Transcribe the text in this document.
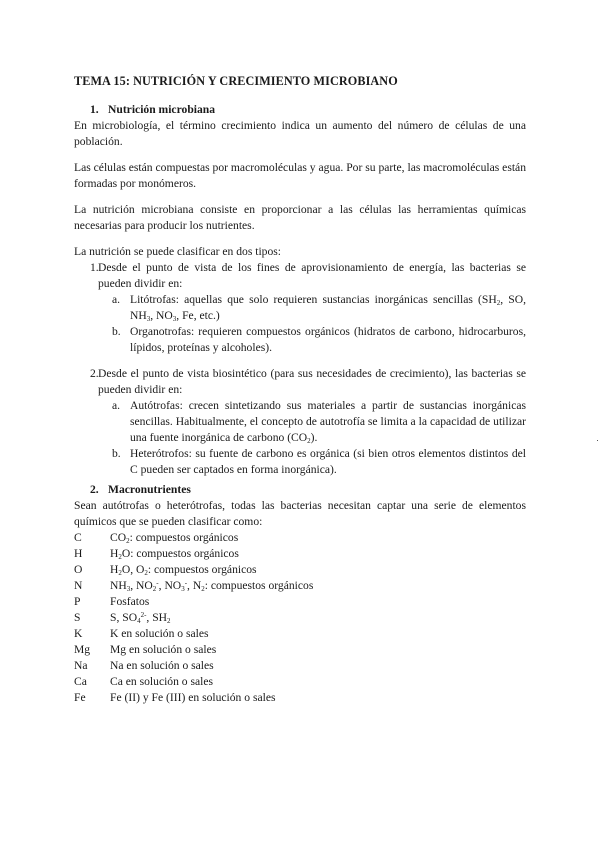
TEMA 15: NUTRICIÓN Y CRECIMIENTO MICROBIANO
1. Nutrición microbiana

En microbiología, el término crecimiento indica un aumento del número de células de una población.

Las células están compuestas por macromoléculas y agua. Por su parte, las macromoléculas están formadas por monómeros.

La nutrición microbiana consiste en proporcionar a las células las herramientas químicas necesarias para producir los nutrientes.

La nutrición se puede clasificar en dos tipos:

1. Desde el punto de vista de los fines de aprovisionamiento de energía, las bacterias se pueden dividir en:
a. Litótrofas: aquellas que solo requieren sustancias inorgánicas sencillas ($SH_2$, SO, $NH_3$, $NO_3$, Fe, etc.)
b. Organotrofas: requieren compuestos orgánicos (hidratos de carbono, hidrocarburos, lípidos, proteínas y alcoholes).
2. Desde el punto de vista biosintético (para sus necesidades de crecimiento), las bacterias se pueden dividir en:
a. Autótrofas: crecen sintetizando sus materiales a partir de sustancias inorgánicas sencillas. Habitualmente, el concepto de autotrofía se limita a la capacidad de utilizar una fuente inorgánica de carbono $(CO_2)$.
b. Heterótrofos: su fuente de carbono es orgánica (si bien otros elementos distintos del C pueden ser captados en forma inorgánica).
2. Macronutrientes

Sean autótrofas o heterótrofas, todas las bacterias necesitan captar una serie de elementos químicos que se pueden clasificar como:

C	$CO_2$: compuestos orgánicos
H	$H_2O$: compuestos orgánicos
O	$H_2O$, $O_2$: compuestos orgánicos
N	$NH_3$, $NO_2^-$, $NO_3^-$, $N_2$: compuestos orgánicos
P	Fosfatos
S	S, $SO_4^{2-}$, $SH_2$
K	K en solución o sales
Mg	Mg en solución o sales
Na	Na en solución o sales
Ca	Ca en solución o sales
Fe	Fe (II) y Fe (III) en solución o sales
